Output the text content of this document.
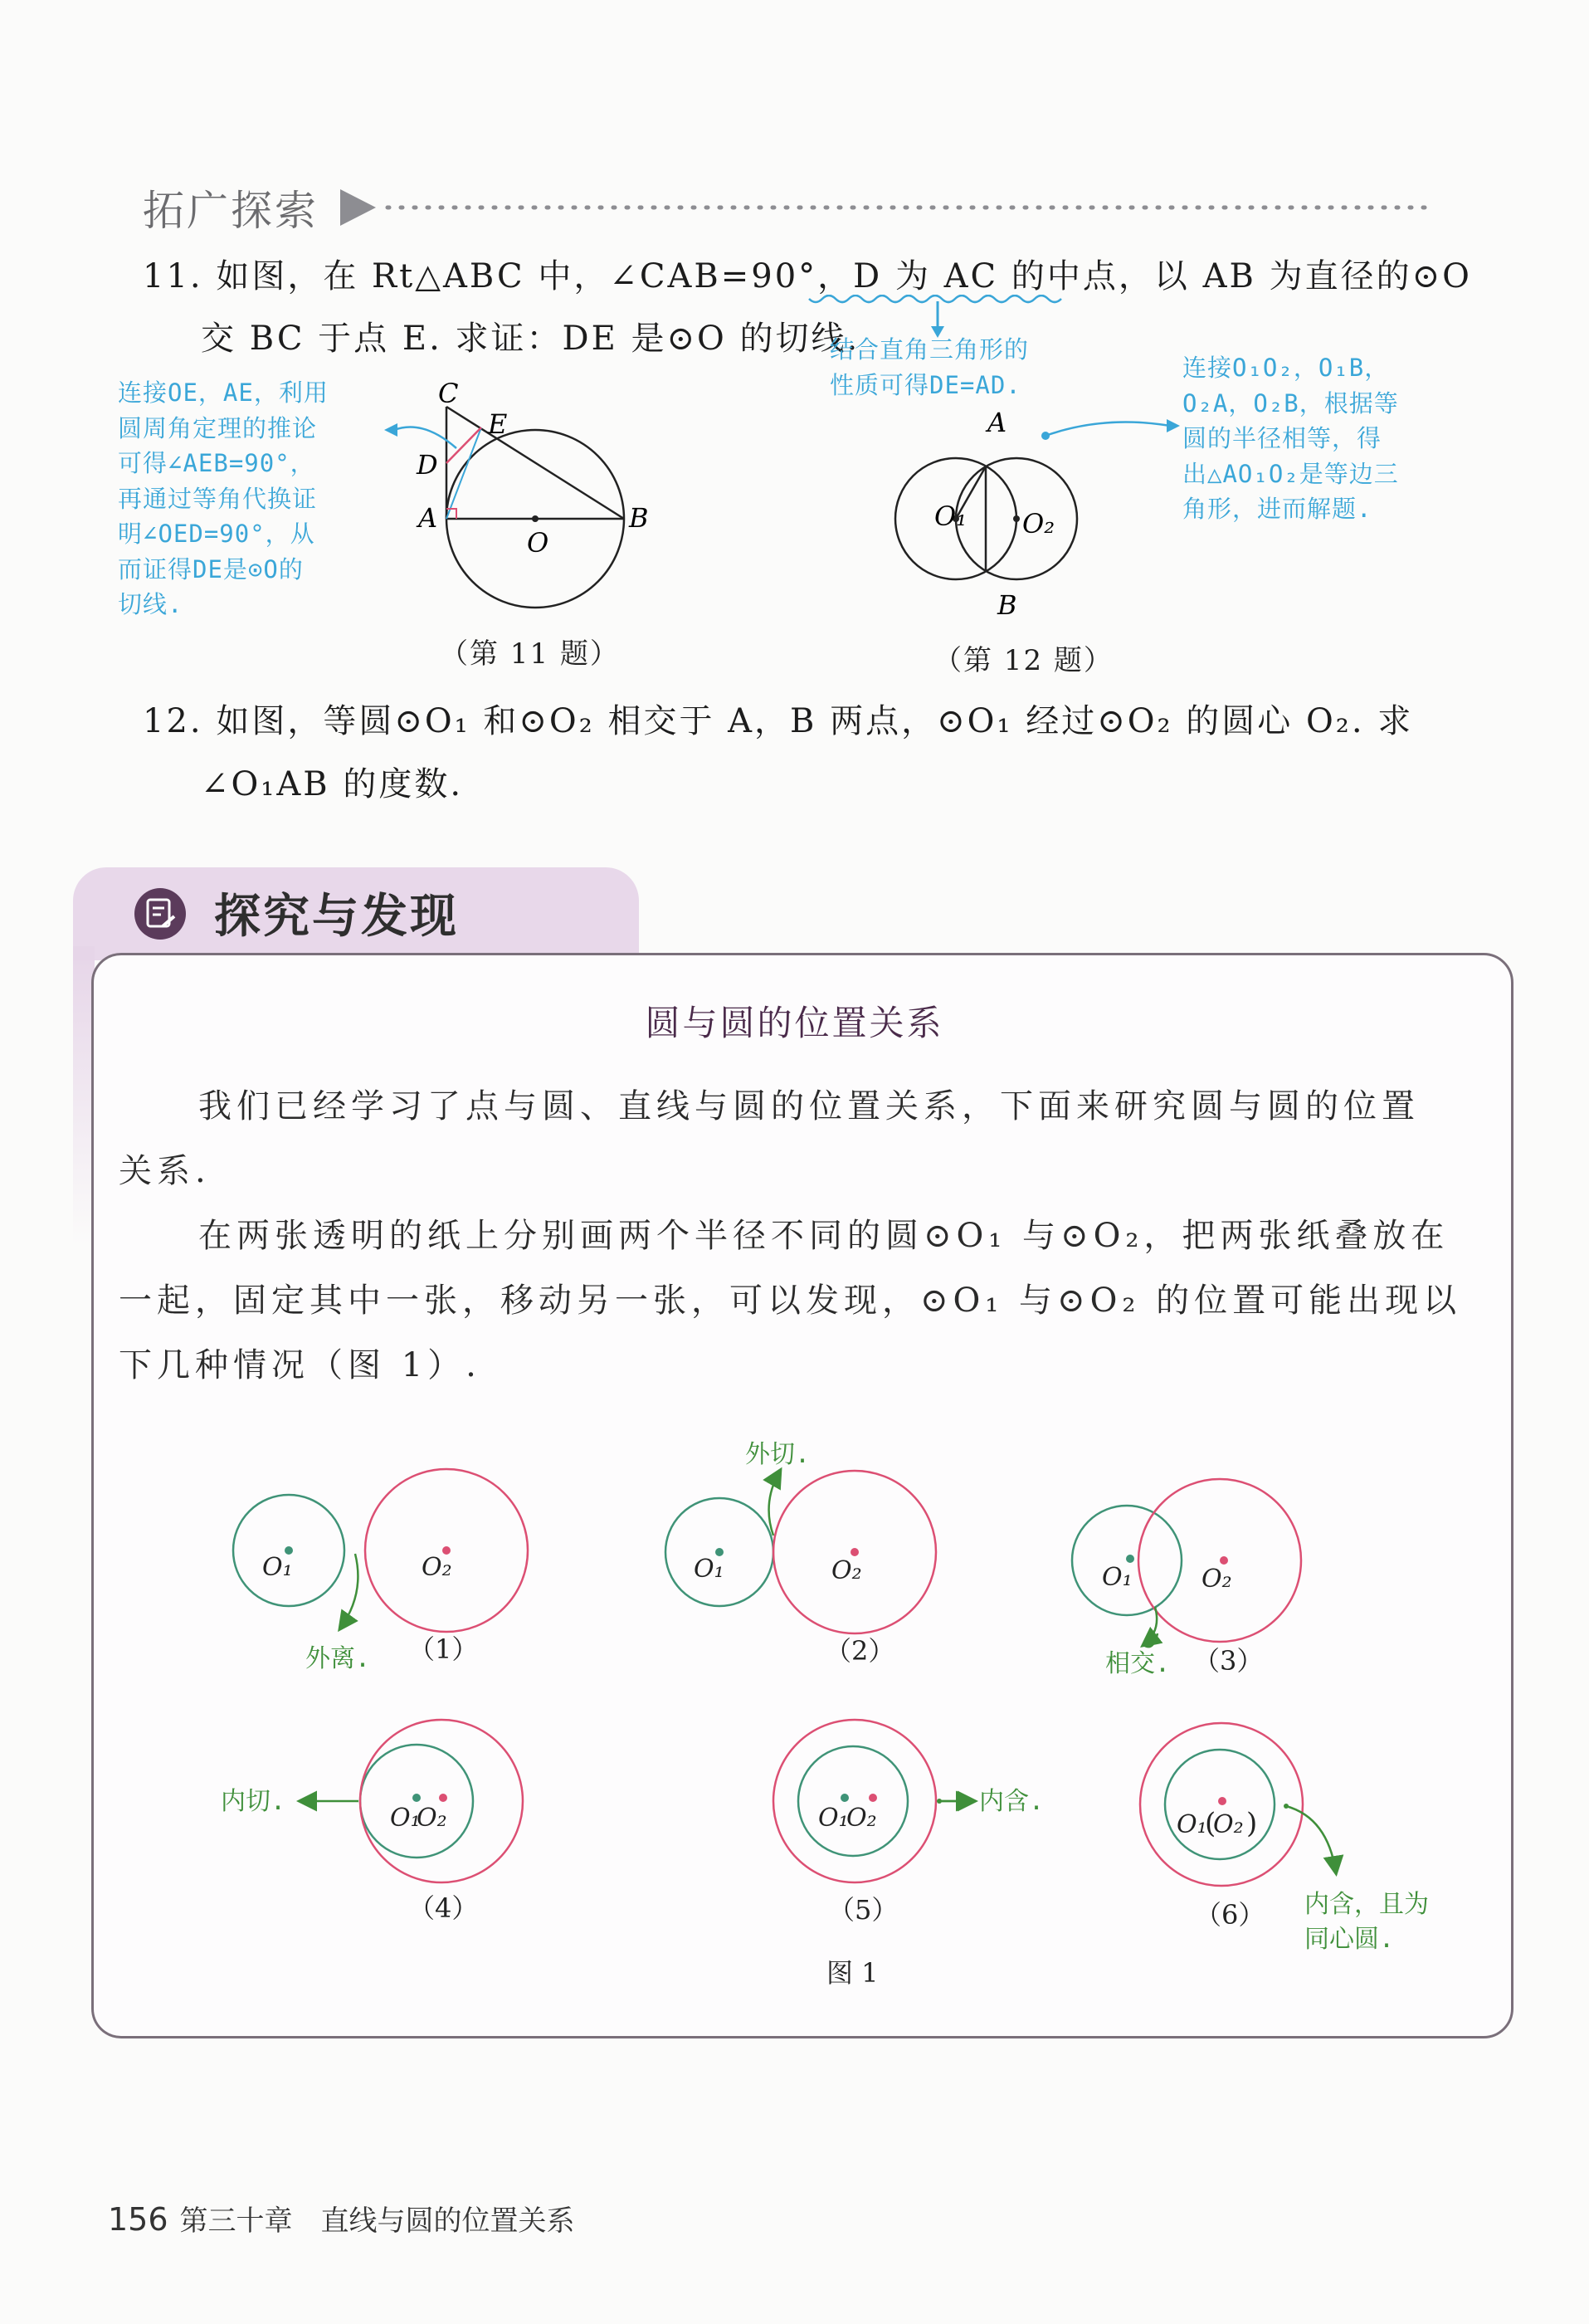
拓广探索
11. 如图，在 Rt△ABC 中，∠CAB=90°，D 为 AC 的中点，以 AB 为直径的⊙O
交 BC 于点 E. 求证：DE 是⊙O 的切线.
结合直角三角形的
性质可得DE=AD.
连接OE，AE，利用
圆周角定理的推论
可得∠AEB=90°，
再通过等角代换证
明∠OED=90°，从
而证得DE是⊙O的
切线.
连接O₁O₂，O₁B，
O₂A，O₂B，根据等
圆的半径相等，得
出△AO₁O₂是等边三
角形，进而解题.
C
E
D
A
O
B
（第 11 题）
A
O₁ O₂
B
（第 12 题）
12. 如图，等圆⊙O₁ 和⊙O₂ 相交于 A，B 两点，⊙O₁ 经过⊙O₂ 的圆心 O₂. 求
∠O₁AB 的度数.
探究与发现
圆与圆的位置关系
我们已经学习了点与圆、直线与圆的位置关系，下面来研究圆与圆的位置
关系.
在两张透明的纸上分别画两个半径不同的圆⊙O₁ 与⊙O₂，把两张纸叠放在
一起，固定其中一张，移动另一张，可以发现，⊙O₁ 与⊙O₂ 的位置可能出现以
下几种情况（图 1）.
O₁	O₂
外离. （1）
O₁	O₂
外切.
（2）
O₁	O₂
相交. （3）
O₁
O₂
内切.
（4）
O₁
O₂
内含.
（5）
O₁ O₂
( )
内含，且为
同心圆.
（6）
图 1
156 第三十章　直线与圆的位置关系
